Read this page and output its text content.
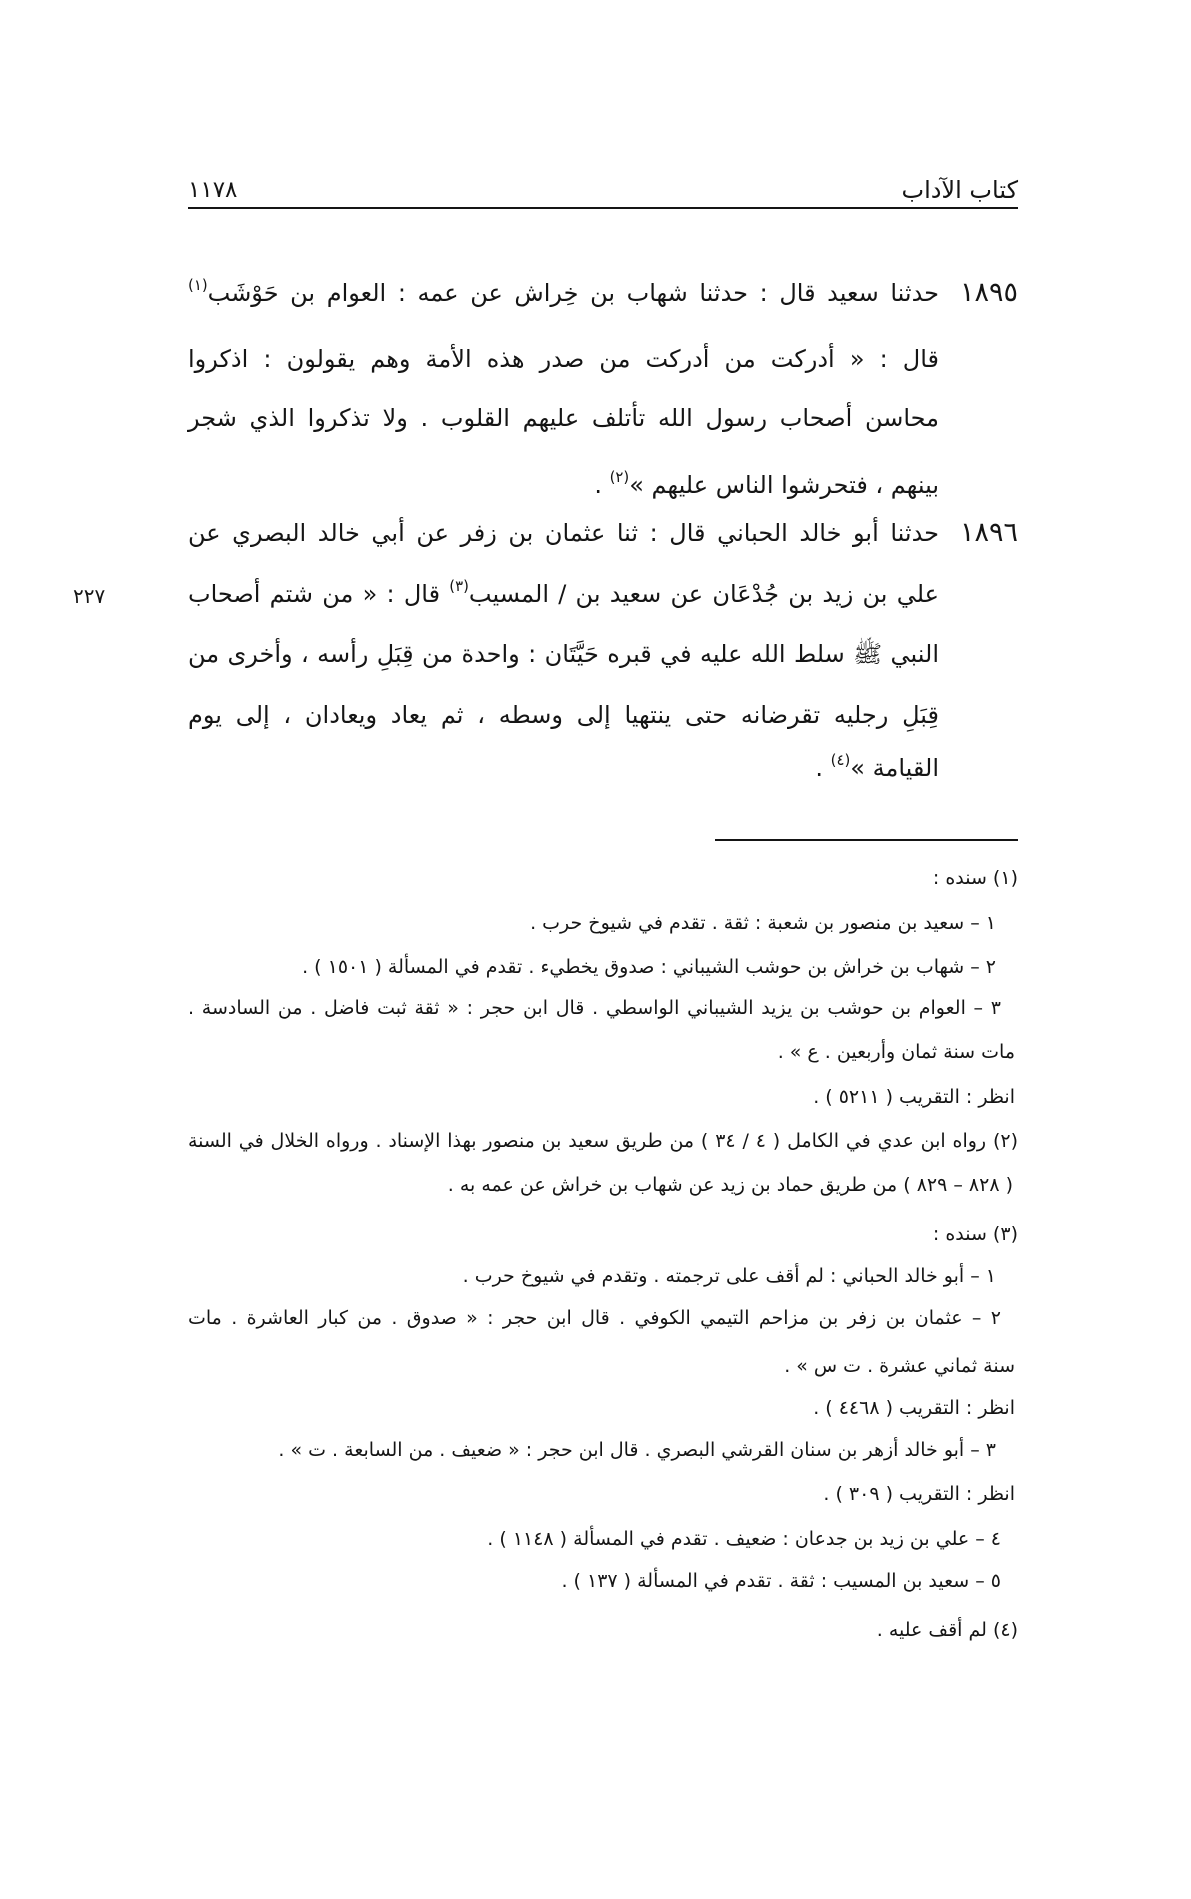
كتاب الآداب
١١٧٨
١٨٩٥
حدثنا سعيد قال : حدثنا شهاب بن خِراش عن عمه : العوام بن حَوْشَب$^{(١)}$
قال : « أدركت من أدركت من صدر هذه الأمة وهم يقولون : اذكروا
محاسن أصحاب رسول الله تأتلف عليهم القلوب . ولا تذكروا الذي شجر
بينهم ، فتحرشوا الناس عليهم »$^{(٢)}$ .
١٨٩٦
حدثنا أبو خالد الحباني قال : ثنا عثمان بن زفر عن أبي خالد البصري عن
علي بن زيد بن جُدْعَان عن سعيد بن / المسيب$^{(٣)}$ قال : « من شتم أصحاب
النبي ﷺ سلط الله عليه في قبره حَيَّتَان : واحدة من قِبَلِ رأسه ، وأخرى من
قِبَلِ رجليه تقرضانه حتى ينتهيا إلى وسطه ، ثم يعاد ويعادان ، إلى يوم
القيامة »$^{(٤)}$ .
٢٢٧
(١) سنده :
١ – سعيد بن منصور بن شعبة : ثقة . تقدم في شيوخ حرب .
٢ – شهاب بن خراش بن حوشب الشيباني : صدوق يخطيء . تقدم في المسألة ( ١٥٠١ ) .
٣ – العوام بن حوشب بن يزيد الشيباني الواسطي . قال ابن حجر : « ثقة ثبت فاضل . من السادسة .
مات سنة ثمان وأربعين . ع » .
انظر : التقريب ( ٥٢١١ ) .
(٢) رواه ابن عدي في الكامل ( ٤ / ٣٤ ) من طريق سعيد بن منصور بهذا الإسناد . ورواه الخلال في السنة
( ٨٢٨ – ٨٢٩ ) من طريق حماد بن زيد عن شهاب بن خراش عن عمه به .
(٣) سنده :
١ – أبو خالد الحباني : لم أقف على ترجمته . وتقدم في شيوخ حرب .
٢ – عثمان بن زفر بن مزاحم التيمي الكوفي . قال ابن حجر : « صدوق . من كبار العاشرة . مات
سنة ثماني عشرة . ت س » .
انظر : التقريب ( ٤٤٦٨ ) .
٣ – أبو خالد أزهر بن سنان القرشي البصري . قال ابن حجر : « ضعيف . من السابعة . ت » .
انظر : التقريب ( ٣٠٩ ) .
٤ – علي بن زيد بن جدعان : ضعيف . تقدم في المسألة ( ١١٤٨ ) .
٥ – سعيد بن المسيب : ثقة . تقدم في المسألة ( ١٣٧ ) .
(٤) لم أقف عليه .
